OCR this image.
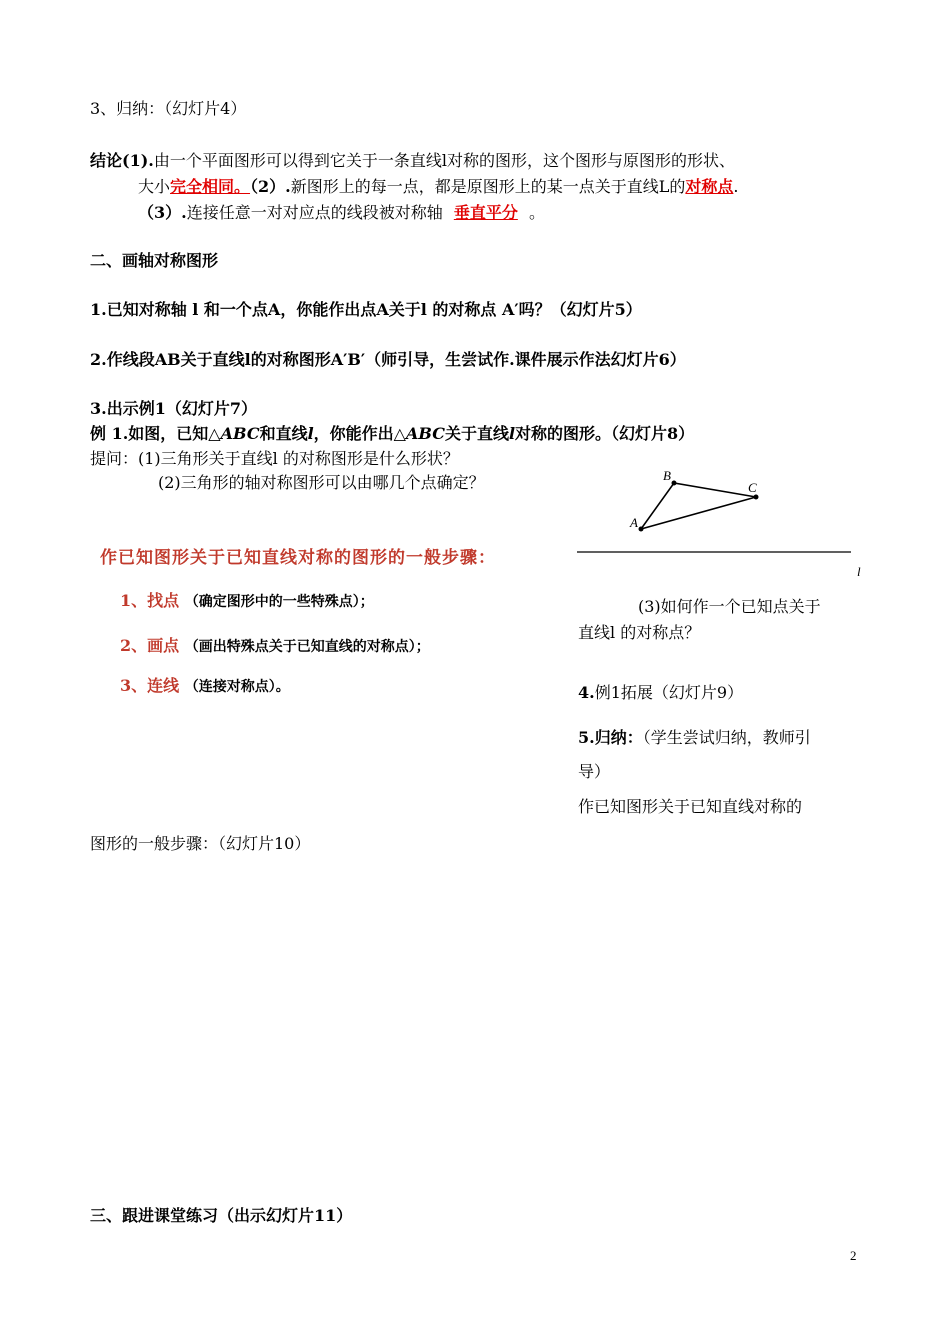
3、归纳：（幻灯片4）
结论(1).由一个平面图形可以得到它关于一条直线l对称的图形，这个图形与原图形的形状、
大小完全相同。（2）.新图形上的每一点，都是原图形上的某一点关于直线L的对称点.
（3）.连接任意一对对应点的线段被对称轴 垂直平分 。
二、画轴对称图形
1.已知对称轴 l 和一个点A，你能作出点A关于l 的对称点 A′吗？（幻灯片5）
2.作线段AB关于直线l的对称图形A′B′（师引导，生尝试作.课件展示作法幻灯片6）
3.出示例1（幻灯片7）
例 1.如图，已知△ABC和直线l，你能作出△ABC关于直线l对称的图形。（幻灯片8）
提问：(1)三角形关于直线l 的对称图形是什么形状？
(2)三角形的轴对称图形可以由哪几个点确定？
A
B
C
l
作已知图形关于已知直线对称的图形的一般步骤：
1、找点 （确定图形中的一些特殊点）；
2、画点 （画出特殊点关于已知直线的对称点）；
3、连线 （连接对称点）。
(3)如何作一个已知点关于
直线l 的对称点？
4.例1拓展（幻灯片9）
5.归纳：（学生尝试归纳，教师引
导）
作已知图形关于已知直线对称的
图形的一般步骤：（幻灯片10）
三、跟进课堂练习（出示幻灯片11）
2
